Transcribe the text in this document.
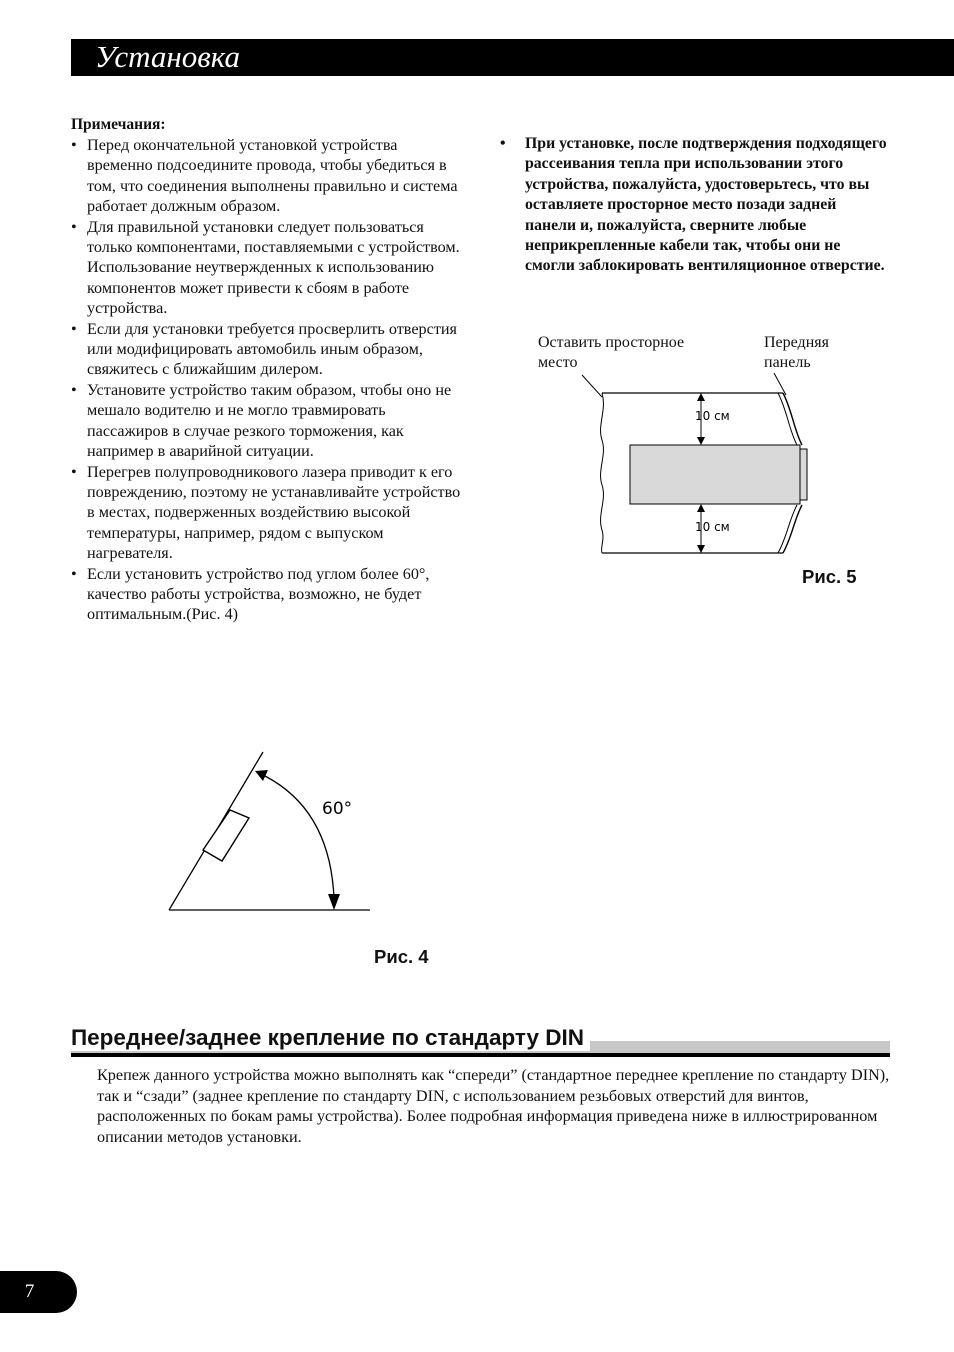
Установка
Примечания:
• Перед окончательной установкой устройства временно подсоедините провода, чтобы убедиться в том, что соединения выполнены правильно и система работает должным образом.
• Для правильной установки следует пользоваться только компонентами, поставляемыми с устройством. Использование неутвержденных к использованию компонентов может привести к сбоям в работе устройства.
• Если для установки требуется просверлить отверстия или модифицировать автомобиль иным образом, свяжитесь с ближайшим дилером.
• Установите устройство таким образом, чтобы оно не мешало водителю и не могло травмировать пассажиров в случае резкого торможения, как например в аварийной ситуации.
• Перегрев полупроводникового лазера приводит к его повреждению, поэтому не устанавливайте устройство в местах, подверженных воздействию высокой температуры, например, рядом с выпуском нагревателя.
• Если установить устройство под углом более 60°, качество работы устройства, возможно, не будет оптимальным.(Рис. 4)
60°
Рис. 4
•	При установке, после подтверждения подходящего рассеивания тепла при использовании этого устройства, пожалуйста, удостоверьтесь, что вы оставляете просторное место позади задней панели и, пожалуйста, сверните любые неприкрепленные кабели так, чтобы они не смогли заблокировать вентиляционное отверстие.
Оставить просторное
место
Передняя
панель
10 см
10 см
Рис. 5
Переднее/заднее крепление по стандарту DIN
Крепеж данного устройства можно выполнять как “спереди” (стандартное переднее крепление по стандарту DIN), так и “сзади” (заднее крепление по стандарту DIN, с использованием резьбовых отверстий для винтов, расположенных по бокам рамы устройства). Более подробная информация приведена ниже в иллюстрированном описании методов установки.
7
